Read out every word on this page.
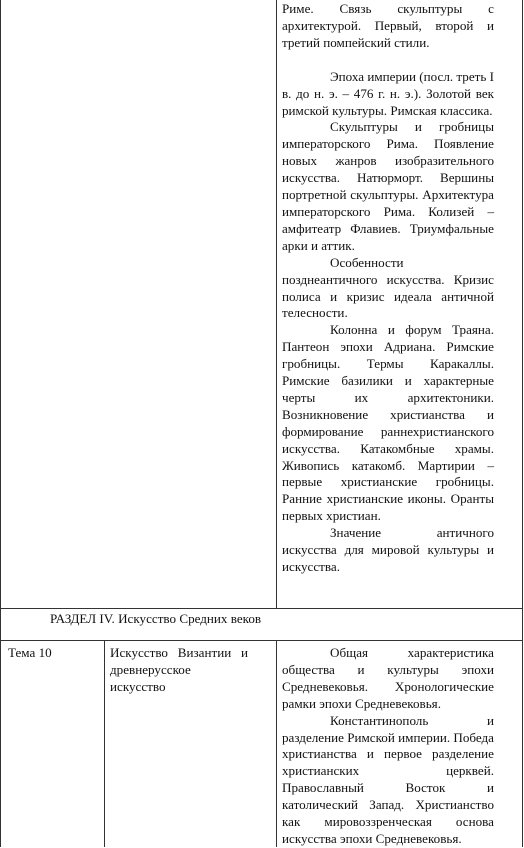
Риме. Связь скульптуры с архитектурой. Первый, второй и третий помпейский стили.

Эпоха империи (посл. треть I в. до н. э. – 476 г. н. э.). Золотой век римской культуры. Римская классика.

Скульптуры и гробницы императорского Рима. Появление новых жанров изобразительного искусства. Натюрморт. Вершины портретной скульптуры. Архитектура императорского Рима. Колизей – амфитеатр Флавиев. Триумфальные арки и аттик.

Особенности позднеантичного искусства. Кризис полиса и кризис идеала античной телесности.

Колонна и форум Траяна. Пантеон эпохи Адриана. Римские гробницы. Термы Каракаллы. Римские базилики и характерные черты их архитектоники. Возникновение христианства и формирование раннехристианского искусства. Катакомбные храмы. Живопись катакомб. Мартирии – первые христианские гробницы. Ранние христианские иконы. Оранты первых христиан.

Значение античного искусства для мировой культуры и искусства.

РАЗДЕЛ IV. Искусство Средних веков
Тема 10	Искусство Византии и древнерусское искусство

Общая характеристика общества и культуры эпохи Средневековья. Хронологические рамки эпохи Средневековья.

Константинополь и разделение Римской империи. Победа христианства и первое разделение христианских церквей. Православный Восток и католический Запад. Христианство как мировоззренческая основа искусства эпохи Средневековья.
